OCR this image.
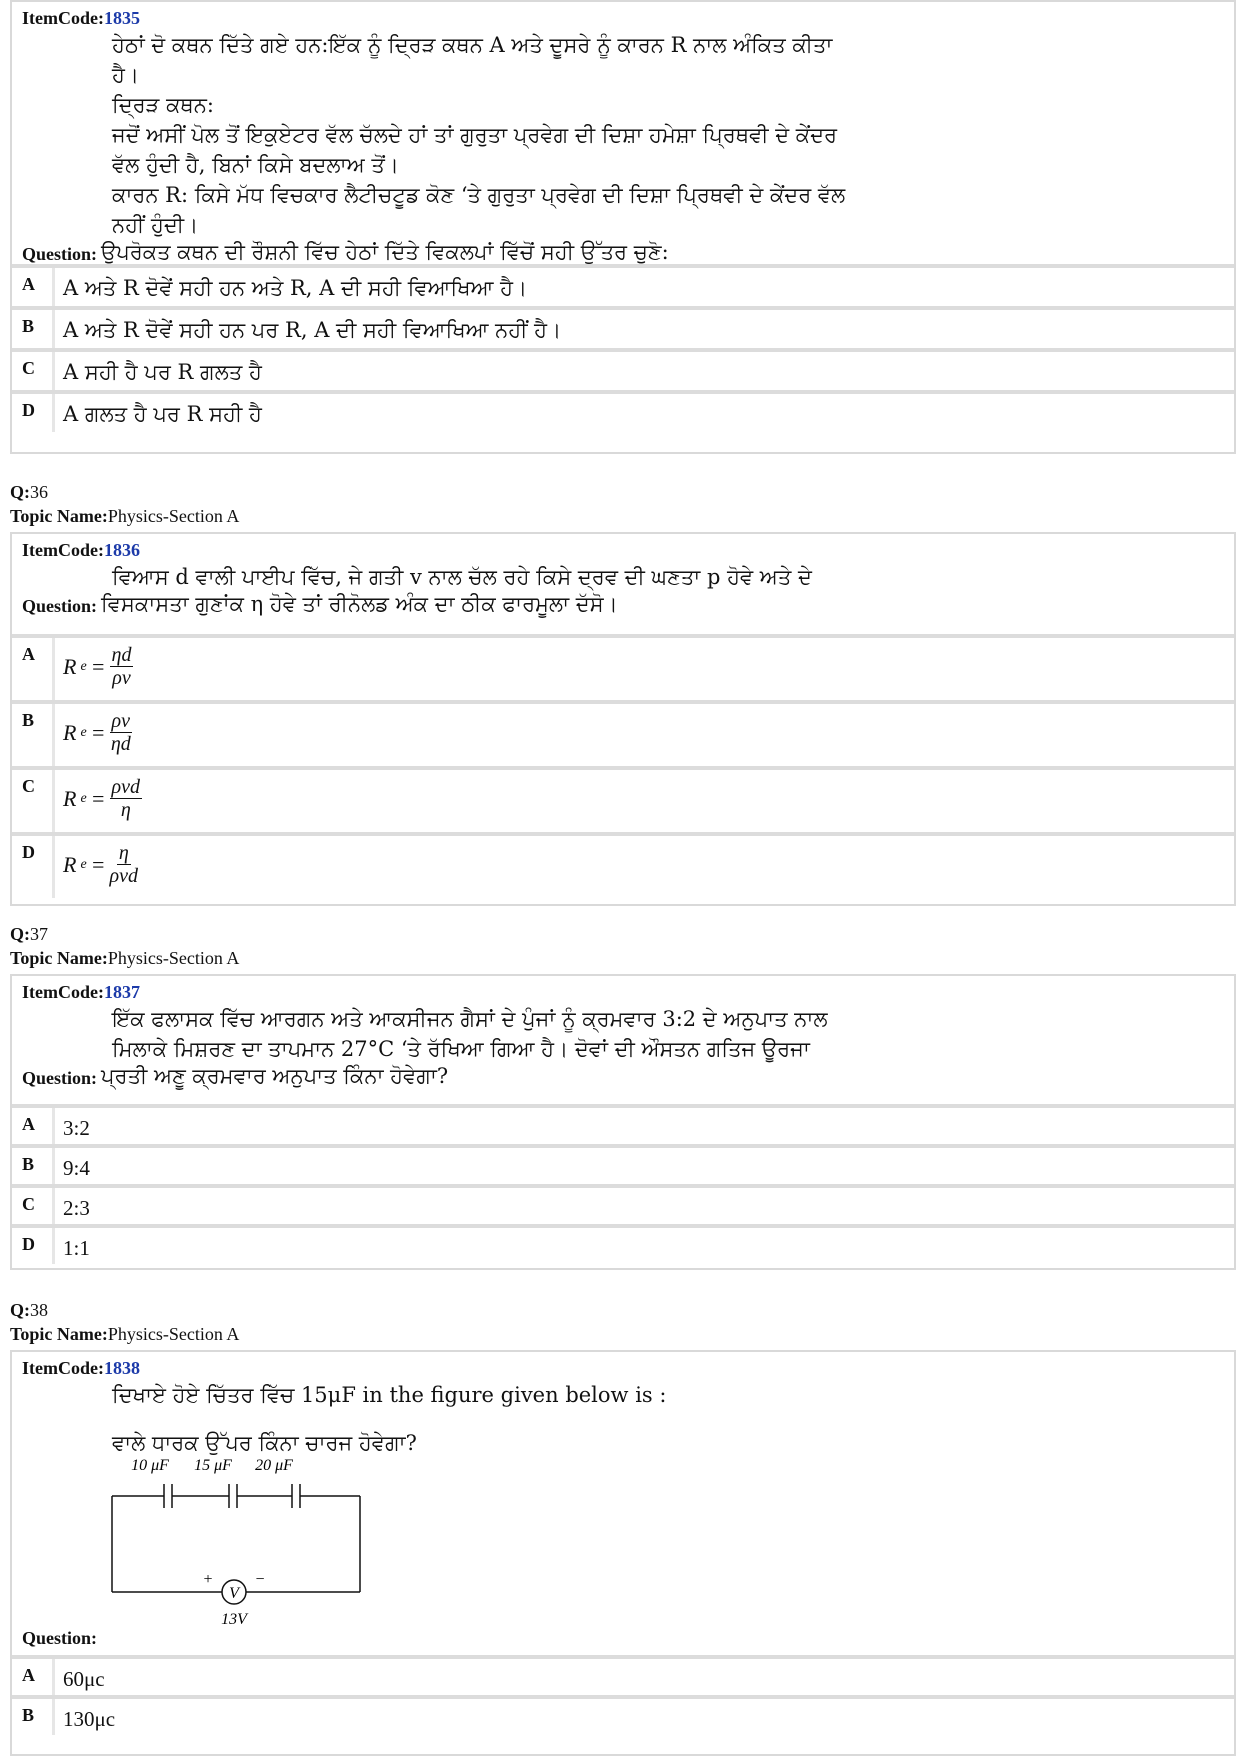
ItemCode:1835
ਹੇਠਾਂ ਦੋ ਕਥਨ ਦਿੱਤੇ ਗਏ ਹਨ:ਇੱਕ ਨੂੰ ਦ੍ਰਿੜ ਕਥਨ A ਅਤੇ ਦੂਸਰੇ ਨੂੰ ਕਾਰਨ R ਨਾਲ ਅੰਕਿਤ ਕੀਤਾ
ਹੈ।
ਦ੍ਰਿੜ ਕਥਨ:
ਜਦੋਂ ਅਸੀਂ ਪੋਲ ਤੋਂ ਇਕੁਏਟਰ ਵੱਲ ਚੱਲਦੇ ਹਾਂ ਤਾਂ ਗੁਰੁਤਾ ਪ੍ਰਵੇਗ ਦੀ ਦਿਸ਼ਾ ਹਮੇਸ਼ਾ ਪ੍ਰਿਥਵੀ ਦੇ ਕੇਂਦਰ
ਵੱਲ ਹੁੰਦੀ ਹੈ, ਬਿਨਾਂ ਕਿਸੇ ਬਦਲਾਅ ਤੋਂ।
ਕਾਰਨ R: ਕਿਸੇ ਮੱਧ ਵਿਚਕਾਰ ਲੈਟੀਚਟੂਡ ਕੋਣ ‘ਤੇ ਗੁਰੁਤਾ ਪ੍ਰਵੇਗ ਦੀ ਦਿਸ਼ਾ ਪ੍ਰਿਥਵੀ ਦੇ ਕੇਂਦਰ ਵੱਲ
ਨਹੀਂ ਹੁੰਦੀ।
Question: ਉਪਰੋਕਤ ਕਥਨ ਦੀ ਰੌਸ਼ਨੀ ਵਿੱਚ ਹੇਠਾਂ ਦਿੱਤੇ ਵਿਕਲਪਾਂ ਵਿੱਚੋਂ ਸਹੀ ਉੱਤਰ ਚੁਣੋ:
A	A ਅਤੇ R ਦੋਵੇਂ ਸਹੀ ਹਨ ਅਤੇ R, A ਦੀ ਸਹੀ ਵਿਆਖਿਆ ਹੈ।
B	A ਅਤੇ R ਦੋਵੇਂ ਸਹੀ ਹਨ ਪਰ R, A ਦੀ ਸਹੀ ਵਿਆਖਿਆ ਨਹੀਂ ਹੈ।
C	A ਸਹੀ ਹੈ ਪਰ R ਗਲਤ ਹੈ
D	A ਗਲਤ ਹੈ ਪਰ R ਸਹੀ ਹੈ
Q:36
Topic Name:Physics-Section A
ItemCode:1836
ਵਿਆਸ d ਵਾਲੀ ਪਾਈਪ ਵਿੱਚ, ਜੇ ਗਤੀ v ਨਾਲ ਚੱਲ ਰਹੇ ਕਿਸੇ ਦ੍ਰਵ ਦੀ ਘਣਤਾ p ਹੋਵੇ ਅਤੇ ਦੇ
Question: ਵਿਸਕਾਸਤਾ ਗੁਣਾਂਕ η ਹੋਵੇ ਤਾਂ ਰੀਨੋਲਡ ਅੰਕ ਦਾ ਠੀਕ ਫਾਰਮੂਲਾ ਦੱਸੋ।
A	R $e = \frac{\eta d}{\rho v}$
B	R $e = \frac{\rho v}{\eta d}$
C	R $e = \frac{\text{ρvd}}{\eta}$
D	R $e = \frac{\eta}{\text{ρvd}}$
Q:37
Topic Name:Physics-Section A
ItemCode:1837
ਇੱਕ ਫਲਾਸਕ ਵਿੱਚ ਆਰਗਨ ਅਤੇ ਆਕਸੀਜਨ ਗੈਸਾਂ ਦੇ ਪੁੰਜਾਂ ਨੂੰ ਕ੍ਰਮਵਾਰ 3:2 ਦੇ ਅਨੁਪਾਤ ਨਾਲ
ਮਿਲਾਕੇ ਮਿਸ਼ਰਣ ਦਾ ਤਾਪਮਾਨ 27°C ‘ਤੇ ਰੱਖਿਆ ਗਿਆ ਹੈ। ਦੋਵਾਂ ਦੀ ਔਸਤਨ ਗਤਿਜ ਊਰਜਾ
Question: ਪ੍ਰਤੀ ਅਣੂ ਕ੍ਰਮਵਾਰ ਅਨੁਪਾਤ ਕਿੰਨਾ ਹੋਵੇਗਾ?
A	3:2
B	9:4
C	2:3
D	1:1
Q:38
Topic Name:Physics-Section A
ItemCode:1838
ਦਿਖਾਏ ਹੋਏ ਚਿੱਤਰ ਵਿੱਚ 15μF in the figure given below is :
ਵਾਲੇ ਧਾਰਕ ਉੱਪਰ ਕਿੰਨਾ ਚਾਰਜ ਹੋਵੇਗਾ?
10 μF 15 μF 20 μF
V
+	−
13V
Question:
A	60μc
B	130μc
